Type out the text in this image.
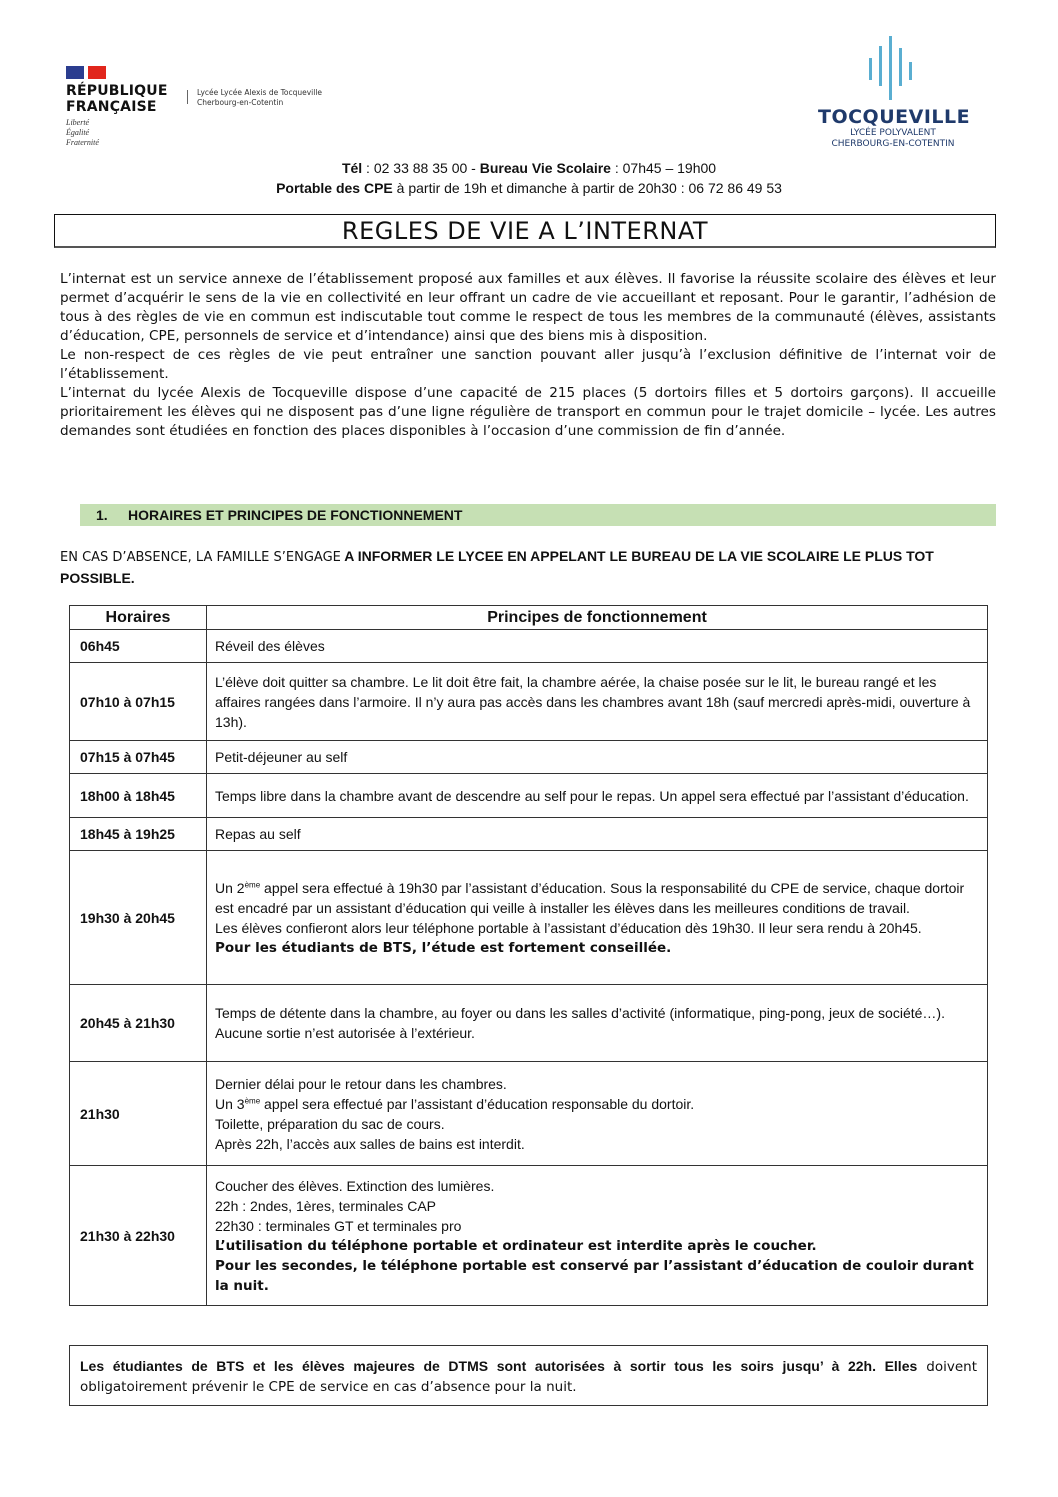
RÉPUBLIQUE
FRANÇAISE
Liberté
Égalité
Fraternité
Lycée Lycée Alexis de Tocqueville
Cherbourg-en-Cotentin
TOCQUEVILLE
LYCÉE POLYVALENT
CHERBOURG-EN-COTENTIN
Tél : 02 33 88 35 00 - Bureau Vie Scolaire : 07h45 – 19h00
Portable des CPE à partir de 19h et dimanche à partir de 20h30 : 06 72 86 49 53
REGLES DE VIE A L’INTERNAT

L’internat est un service annexe de l’établissement proposé aux familles et aux élèves. Il favorise la réussite scolaire des élèves et leur permet d’acquérir le sens de la vie en collectivité en leur offrant un cadre de vie accueillant et reposant. Pour le garantir, l’adhésion de tous à des règles de vie en commun est indiscutable tout comme le respect de tous les membres de la communauté (élèves, assistants d’éducation, CPE, personnels de service et d’intendance) ainsi que des biens mis à disposition.

Le non-respect de ces règles de vie peut entraîner une sanction pouvant aller jusqu’à l’exclusion définitive de l’internat voir de l’établissement.

L’internat du lycée Alexis de Tocqueville dispose d’une capacité de 215 places (5 dortoirs filles et 5 dortoirs garçons). Il accueille prioritairement les élèves qui ne disposent pas d’une ligne régulière de transport en commun pour le trajet domicile – lycée. Les autres demandes sont étudiées en fonction des places disponibles à l’occasion d’une commission de fin d’année.

1. HORAIRES ET PRINCIPES DE FONCTIONNEMENT
EN CAS D’ABSENCE, LA FAMILLE S’ENGAGE A INFORMER LE LYCEE EN APPELANT LE BUREAU DE LA VIE SCOLAIRE LE PLUS TOT POSSIBLE.
Horaires	Principes de fonctionnement
06h45	Réveil des élèves

07h10 à 07h15	L’élève doit quitter sa chambre. Le lit doit être fait, la chambre aérée, la chaise posée sur le lit, le bureau rangé et les affaires rangées dans l’armoire. Il n’y aura pas accès dans les chambres avant 18h (sauf mercredi après-midi, ouverture à 13h).

07h15 à 07h45	Petit-déjeuner au self

18h00 à 18h45	Temps libre dans la chambre avant de descendre au self pour le repas. Un appel sera effectué par l’assistant d’éducation.

18h45 à 19h25	Repas au self

19h30 à 20h45	Un 2ème appel sera effectué à 19h30 par l’assistant d’éducation. Sous la responsabilité du CPE de service, chaque dortoir est encadré par un assistant d’éducation qui veille à installer les élèves dans les meilleures conditions de travail.
Les élèves confieront alors leur téléphone portable à l’assistant d’éducation dès 19h30. Il leur sera rendu à 20h45.
Pour les étudiants de BTS, l’étude est fortement conseillée.

20h45 à 21h30	Temps de détente dans la chambre, au foyer ou dans les salles d’activité (informatique, ping-pong, jeux de société…).
Aucune sortie n’est autorisée à l’extérieur.

21h30	Dernier délai pour le retour dans les chambres.
Un 3ème appel sera effectué par l’assistant d’éducation responsable du dortoir.
Toilette, préparation du sac de cours.
Après 22h, l’accès aux salles de bains est interdit.

21h30 à 22h30	Coucher des élèves. Extinction des lumières.
22h : 2ndes, 1ères, terminales CAP
22h30 : terminales GT et terminales pro
L’utilisation du téléphone portable et ordinateur est interdite après le coucher.
Pour les secondes, le téléphone portable est conservé par l’assistant d’éducation de couloir durant la nuit.
Les étudiantes de BTS et les élèves majeures de DTMS sont autorisées à sortir tous les soirs jusqu’ à 22h. Elles doivent obligatoirement prévenir le CPE de service en cas d’absence pour la nuit.
